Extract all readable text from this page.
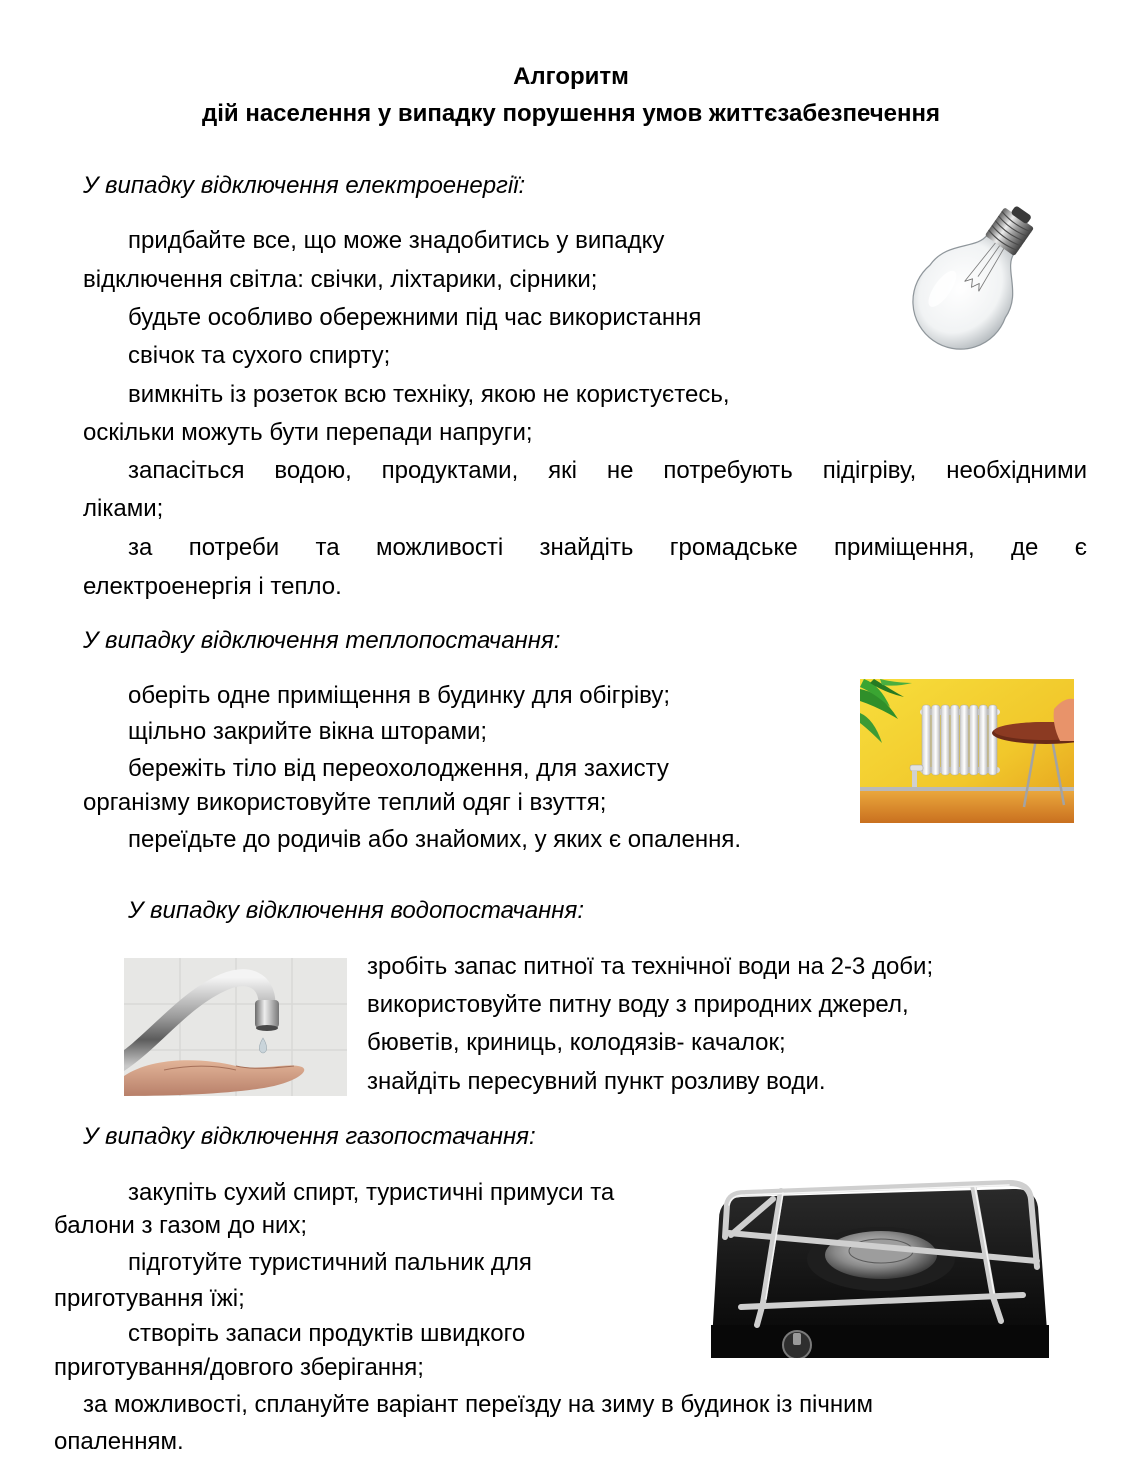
Алгоритм
дій населення у випадку порушення умов життєзабезпечення
У випадку відключення електроенергії:
придбайте все, що може знадобитись у випадку
відключення світла: свічки, ліхтарики, сірники;
будьте особливо обережними під час використання
свічок та сухого спирту;
вимкніть із розеток всю техніку, якою не користуєтесь,
оскільки можуть бути перепади напруги;
запасіться водою, продуктами, які не потребують підігріву, необхідними
ліками;
за потреби та можливості знайдіть громадське приміщення, де є
електроенергія і тепло.
У випадку відключення теплопостачання:
оберіть одне приміщення в будинку для обігріву;
щільно закрийте вікна шторами;
бережіть тіло від переохолодження, для захисту
організму використовуйте теплий одяг і взуття;
переїдьте до родичів або знайомих, у яких є опалення.
У випадку відключення водопостачання:
зробіть запас питної та технічної води на 2-3 доби;
використовуйте питну воду з природних джерел,
бюветів, криниць, колодязів- качалок;
знайдіть пересувний пункт розливу води.
У випадку відключення газопостачання:
закупіть сухий спирт, туристичні примуси та
балони з газом до них;
підготуйте туристичний пальник для
приготування їжі;
створіть запаси продуктів швидкого
приготування/довгого зберігання;
за можливості, сплануйте варіант переїзду на зиму в будинок із пічним
опаленням.
